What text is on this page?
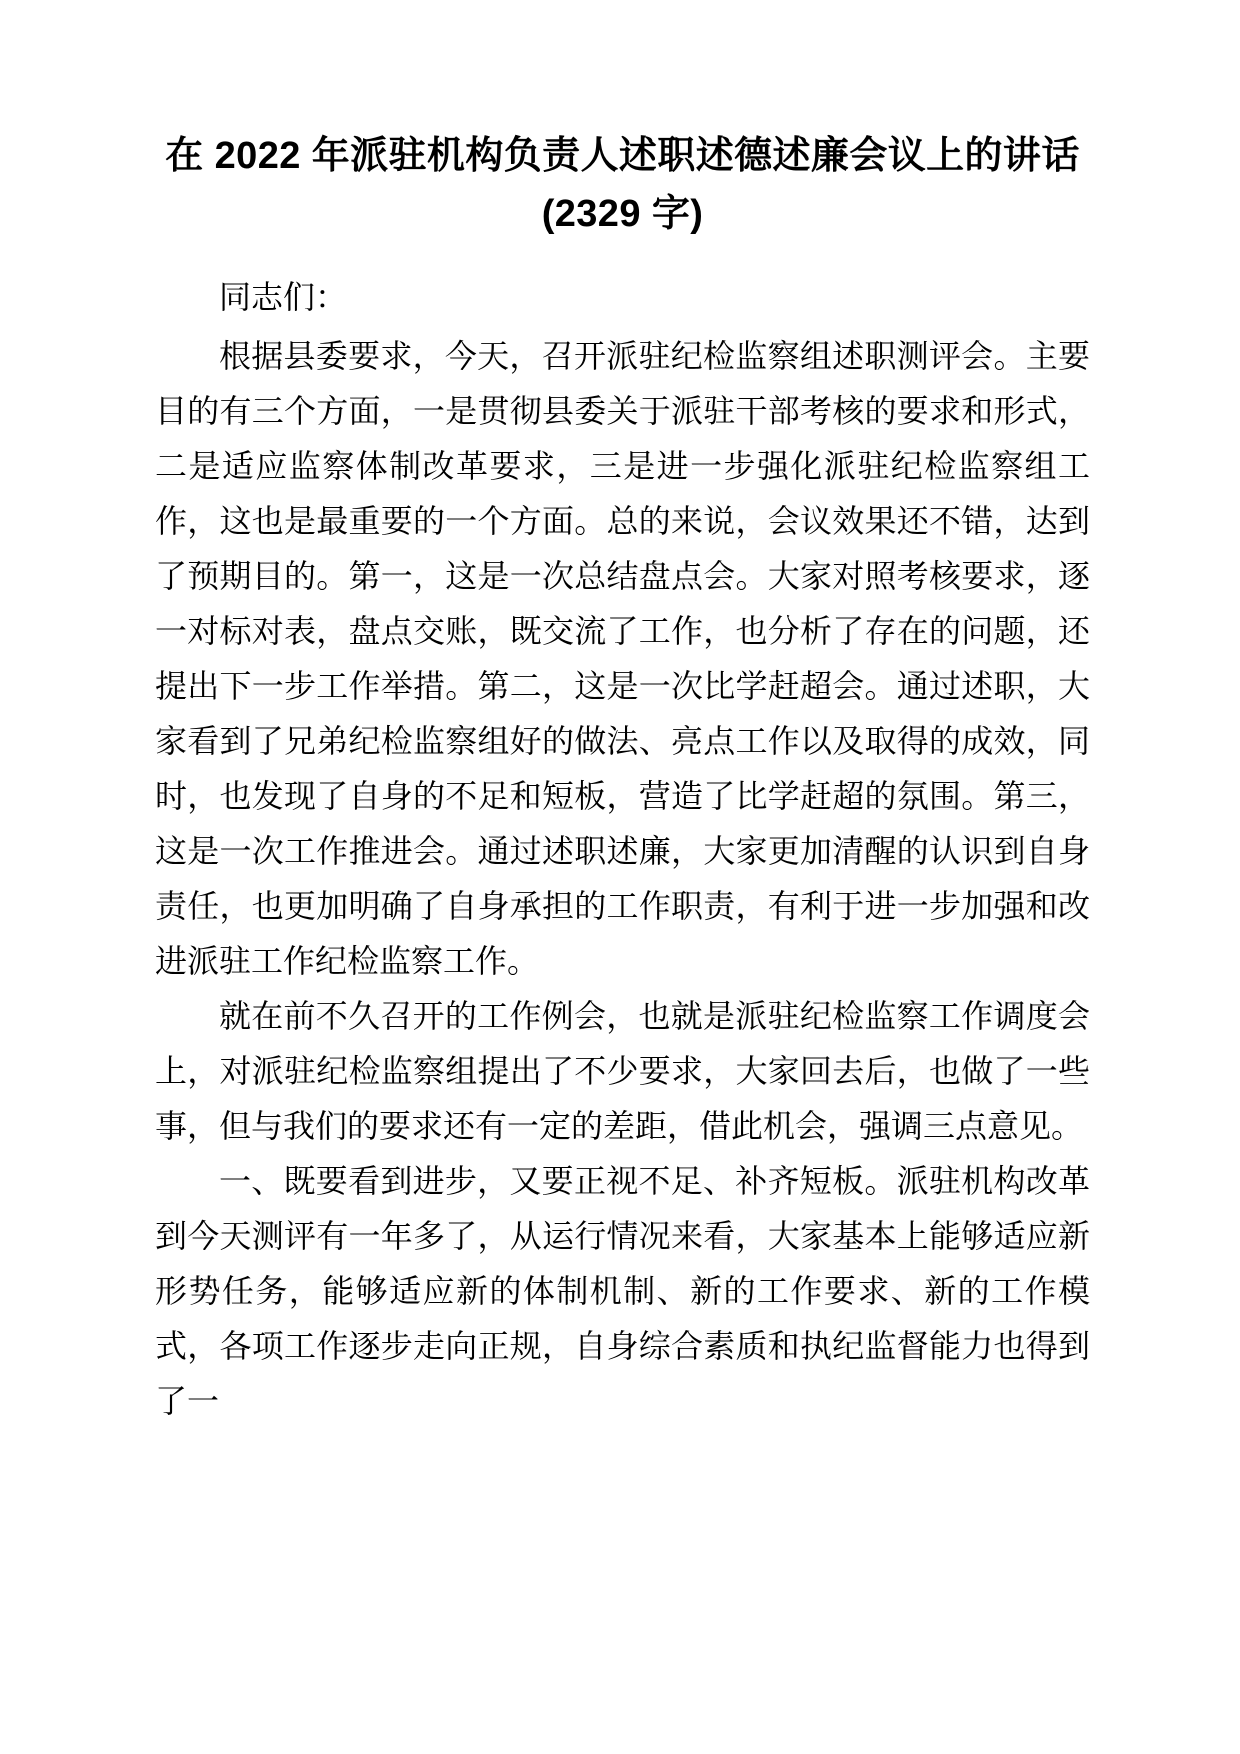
在 2022 年派驻机构负责人述职述德述廉会议上的讲话
(2329 字)

同志们：

根据县委要求，今天，召开派驻纪检监察组述职测评会。主要目的有三个方面，一是贯彻县委关于派驻干部考核的要求和形式，二是适应监察体制改革要求，三是进一步强化派驻纪检监察组工作，这也是最重要的一个方面。总的来说，会议效果还不错，达到了预期目的。第一，这是一次总结盘点会。大家对照考核要求，逐一对标对表，盘点交账，既交流了工作，也分析了存在的问题，还提出下一步工作举措。第二，这是一次比学赶超会。通过述职，大家看到了兄弟纪检监察组好的做法、亮点工作以及取得的成效，同时，也发现了自身的不足和短板，营造了比学赶超的氛围。第三，这是一次工作推进会。通过述职述廉，大家更加清醒的认识到自身责任，也更加明确了自身承担的工作职责，有利于进一步加强和改进派驻工作纪检监察工作。

就在前不久召开的工作例会，也就是派驻纪检监察工作调度会上，对派驻纪检监察组提出了不少要求，大家回去后，也做了一些事，但与我们的要求还有一定的差距，借此机会，强调三点意见。

一、既要看到进步，又要正视不足、补齐短板。派驻机构改革到今天测评有一年多了，从运行情况来看，大家基本上能够适应新形势任务，能够适应新的体制机制、新的工作要求、新的工作模式，各项工作逐步走向正规，自身综合素质和执纪监督能力也得到了一
